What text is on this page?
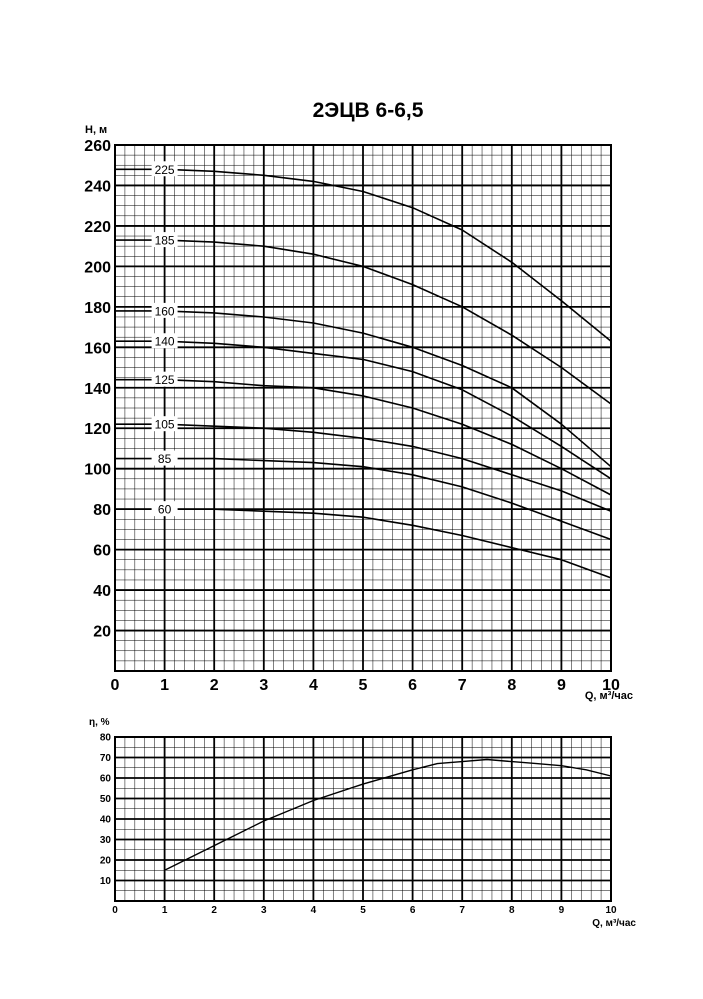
2ЭЦВ 6-6,5
20
40
60
80
100
120
140
160
180
200
220
240
260
0	1	2	3	4	5	6	7	8	9 10
H, м
Q, м³/час
225
185
160
140
125
105
85
60
10
20
30
40
50
60
70
80
0	1	2	3	4	5	6	7	8	9	10
η, %
Q, м³/час
